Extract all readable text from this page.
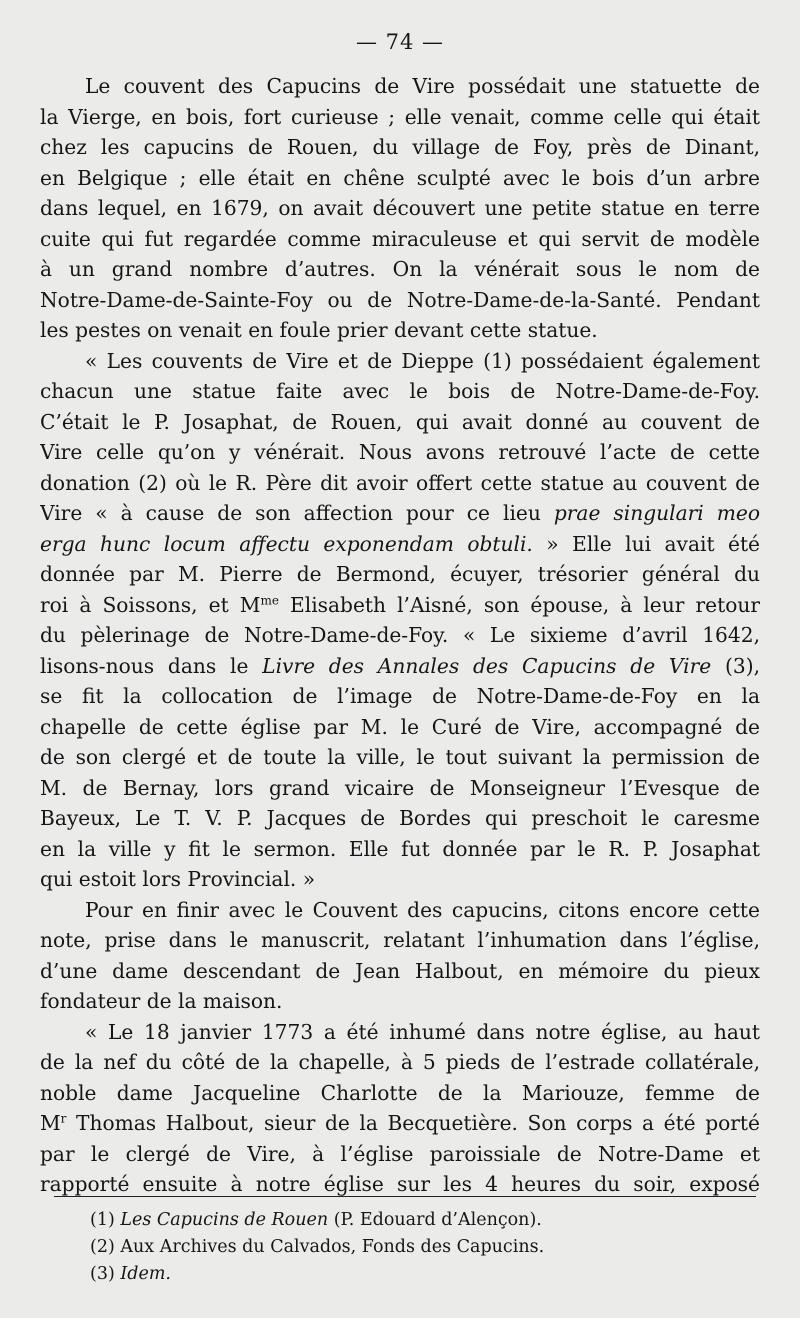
— 74 —
Le couvent des Capucins de Vire possédait une statuette de
la Vierge, en bois, fort curieuse ; elle venait, comme celle qui était
chez les capucins de Rouen, du village de Foy, près de Dinant,
en Belgique ; elle était en chêne sculpté avec le bois d’un arbre
dans lequel, en 1679, on avait découvert une petite statue en terre
cuite qui fut regardée comme miraculeuse et qui servit de modèle
à un grand nombre d’autres. On la vénérait sous le nom de
Notre-Dame-de-Sainte-Foy ou de Notre-Dame-de-la-Santé. Pendant
les pestes on venait en foule prier devant cette statue.
« Les couvents de Vire et de Dieppe (1) possédaient également
chacun une statue faite avec le bois de Notre-Dame-de-Foy.
C’était le P. Josaphat, de Rouen, qui avait donné au couvent de
Vire celle qu’on y vénérait. Nous avons retrouvé l’acte de cette
donation (2) où le R. Père dit avoir offert cette statue au couvent de
Vire « à cause de son affection pour ce lieu prae singulari meo
erga hunc locum affectu exponendam obtuli. » Elle lui avait été
donnée par M. Pierre de Bermond, écuyer, trésorier général du
roi à Soissons, et $M^{me}$ Elisabeth l’Aisné, son épouse, à leur retour
du pèlerinage de Notre-Dame-de-Foy. « Le sixieme d’avril 1642,
lisons-nous dans le Livre des Annales des Capucins de Vire (3),
se fit la collocation de l’image de Notre-Dame-de-Foy en la
chapelle de cette église par M. le Curé de Vire, accompagné de
de son clergé et de toute la ville, le tout suivant la permission de
M. de Bernay, lors grand vicaire de Monseigneur l’Evesque de
Bayeux, Le T. V. P. Jacques de Bordes qui preschoit le caresme
en la ville y fit le sermon. Elle fut donnée par le R. P. Josaphat
qui estoit lors Provincial. »
Pour en finir avec le Couvent des capucins, citons encore cette
note, prise dans le manuscrit, relatant l’inhumation dans l’église,
d’une dame descendant de Jean Halbout, en mémoire du pieux
fondateur de la maison.
« Le 18 janvier 1773 a été inhumé dans notre église, au haut
de la nef du côté de la chapelle, à 5 pieds de l’estrade collatérale,
noble dame Jacqueline Charlotte de la Mariouze, femme de
$M^r$ Thomas Halbout, sieur de la Becquetière. Son corps a été porté
par le clergé de Vire, à l’église paroissiale de Notre-Dame et
rapporté ensuite à notre église sur les 4 heures du soir, exposé
(1) Les Capucins de Rouen (P. Edouard d’Alençon).
(2) Aux Archives du Calvados, Fonds des Capucins.
(3) Idem.
